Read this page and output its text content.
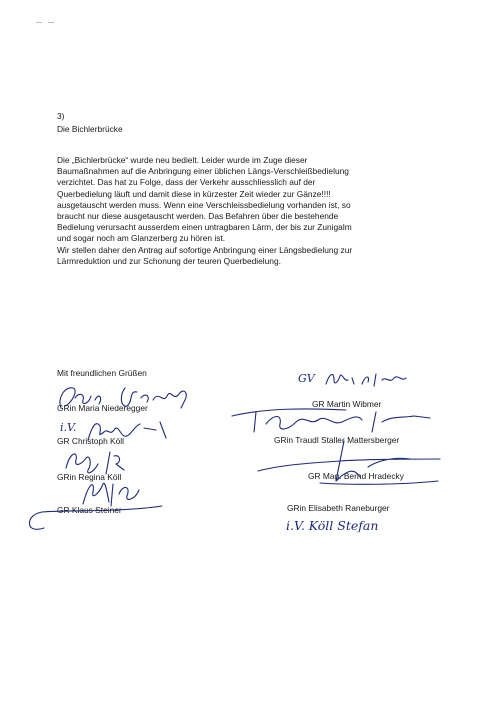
3)
Die Bichlerbrücke
Die „Bichlerbrücke“ wurde neu bedielt. Leider wurde im Zuge dieser
Baumaßnahmen auf die Anbringung einer üblichen Längs-Verschleißbedielung
verzichtet. Das hat zu Folge, dass der Verkehr ausschliesslich auf der
Querbedielung läuft und damit diese in kürzester Zeit wieder zur Gänze!!!!
ausgetauscht werden muss. Wenn eine Verschleissbedielung vorhanden ist, so
braucht nur diese ausgetauscht werden. Das Befahren über die bestehende
Bedielung verursacht ausserdem einen untragbaren Lärm, der bis zur Zunigalm
und sogar noch am Glanzerberg zu hören ist.
Wir stellen daher den Antrag auf sofortige Anbringung einer Längsbedielung zur
Lärmreduktion und zur Schonung der teuren Querbedielung.
Mit freundlichen Grüßen
GRin Maria Niederegger
GR Christoph Köll
GRin Regina Köll
GR Klaus Steiner
GR Martin Wibmer
GRin Traudl Staller Mattersberger
GR Mag. Bernd Hradecky
GRin Elisabeth Raneburger
GV
i.V.
i.V. Köll Stefan
